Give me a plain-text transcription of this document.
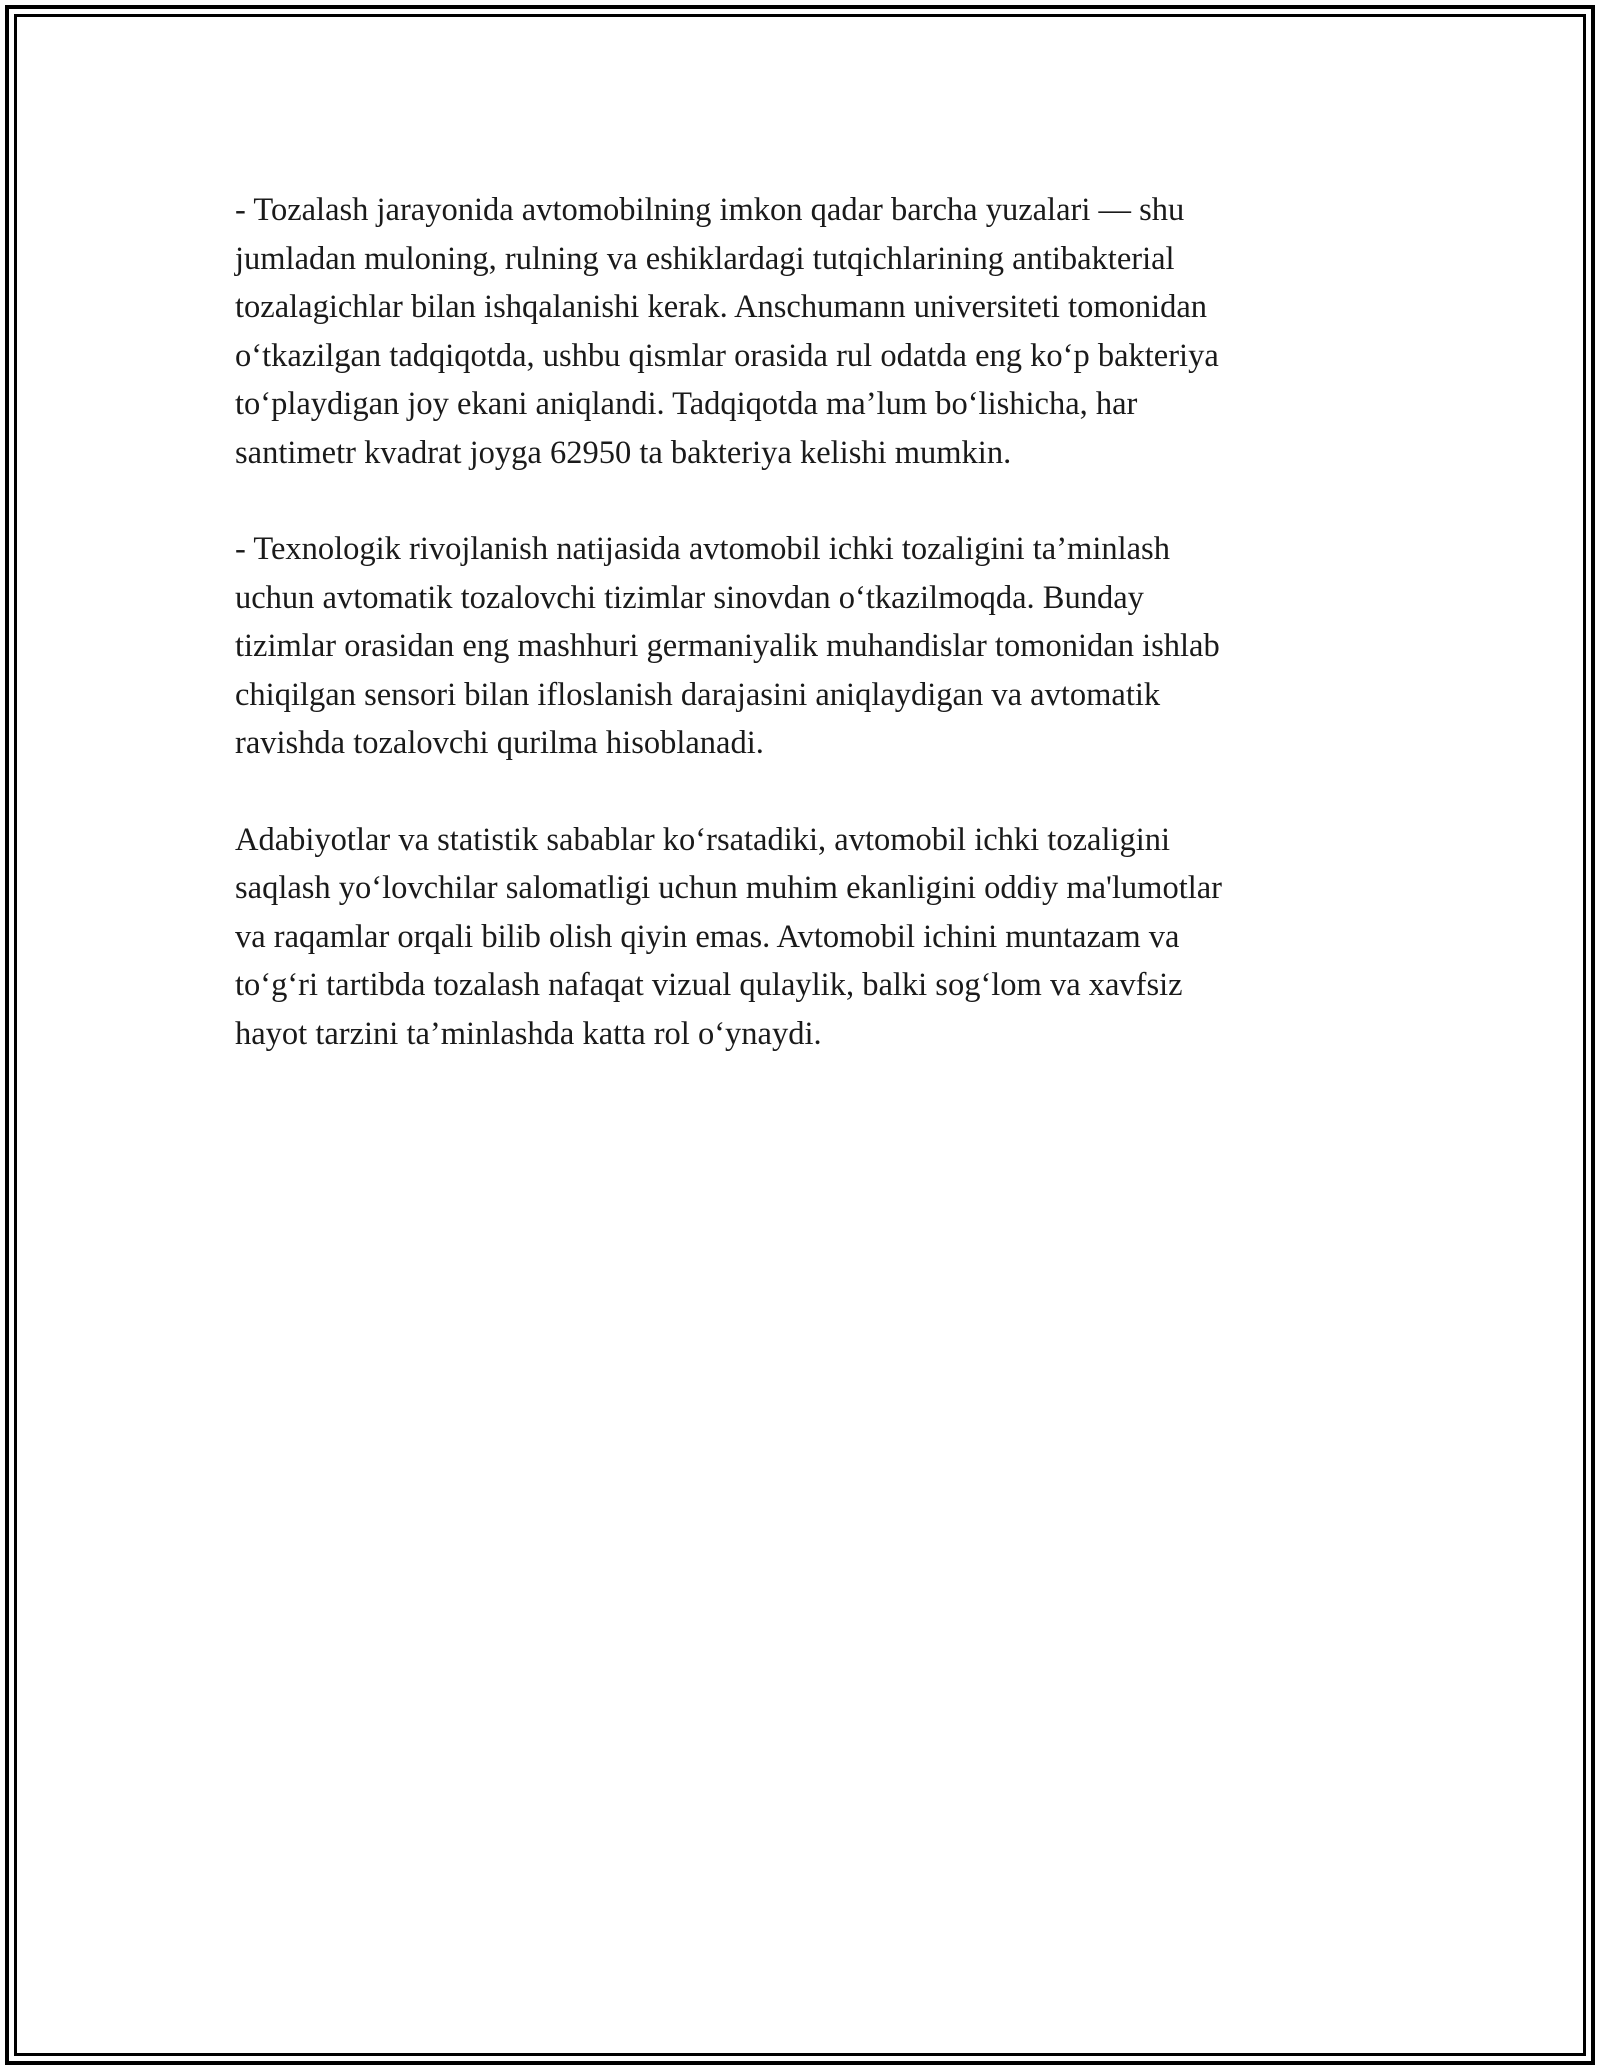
- Tozalash jarayonida avtomobilning imkon qadar barcha yuzalari — shu
jumladan muloning, rulning va eshiklardagi tutqichlarining antibakterial
tozalagichlar bilan ishqalanishi kerak. Anschumann universiteti tomonidan
o‘tkazilgan tadqiqotda, ushbu qismlar orasida rul odatda eng ko‘p bakteriya
to‘playdigan joy ekani aniqlandi. Tadqiqotda ma’lum bo‘lishicha, har
santimetr kvadrat joyga 62950 ta bakteriya kelishi mumkin.

- Texnologik rivojlanish natijasida avtomobil ichki tozaligini ta’minlash
uchun avtomatik tozalovchi tizimlar sinovdan o‘tkazilmoqda. Bunday
tizimlar orasidan eng mashhuri germaniyalik muhandislar tomonidan ishlab
chiqilgan sensori bilan ifloslanish darajasini aniqlaydigan va avtomatik
ravishda tozalovchi qurilma hisoblanadi.

Adabiyotlar va statistik sabablar ko‘rsatadiki, avtomobil ichki tozaligini
saqlash yo‘lovchilar salomatligi uchun muhim ekanligini oddiy ma'lumotlar
va raqamlar orqali bilib olish qiyin emas. Avtomobil ichini muntazam va
to‘g‘ri tartibda tozalash nafaqat vizual qulaylik, balki sog‘lom va xavfsiz
hayot tarzini ta’minlashda katta rol o‘ynaydi.
